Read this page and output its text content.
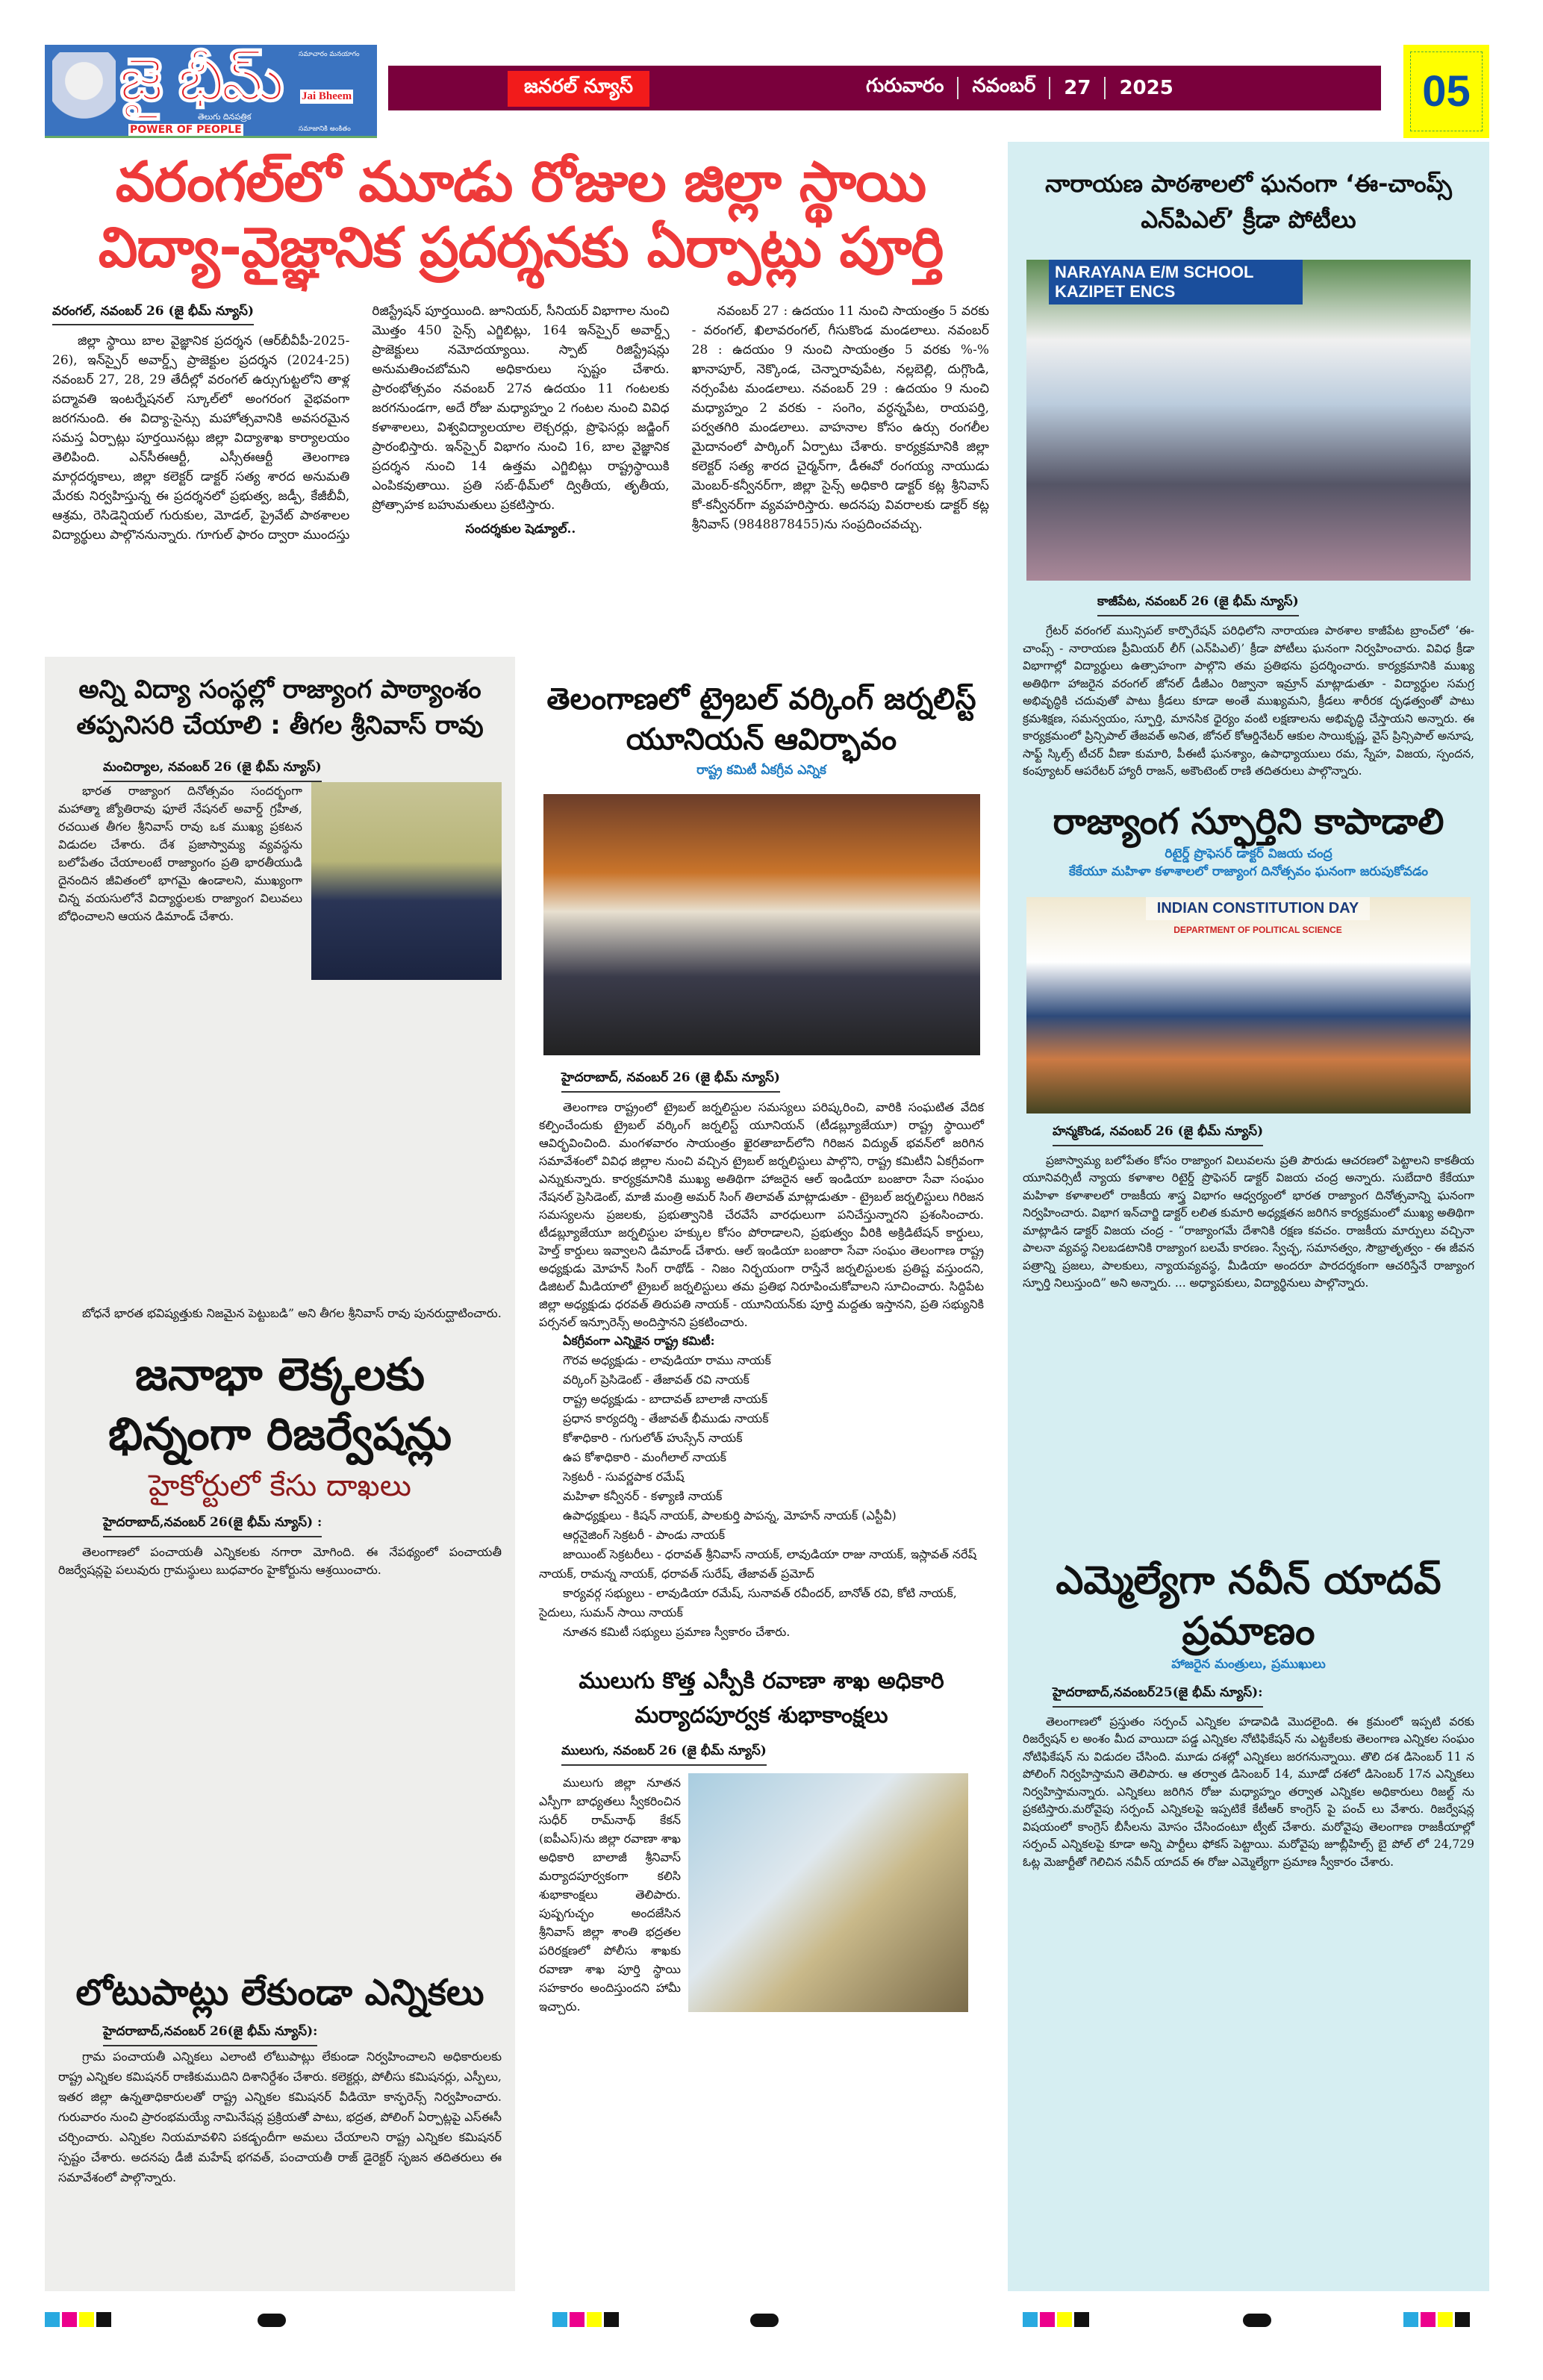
జై భీమ్
తెలుగు దినపత్రిక
POWER OF PEOPLE
సమాచారం మనయాగం
Jai Bheem
సమాజానికి అంకితం
జనరల్ న్యూస్	గురువారం నవంబర్ 27 2025	05
వరంగల్‌లో మూడు రోజుల జిల్లా స్థాయి విద్యా-వైజ్ఞానిక ప్రదర్శనకు ఏర్పాట్లు పూర్తి
వరంగల్, నవంబర్ 26 (జై భీమ్ న్యూస్)

జిల్లా స్థాయి బాల వైజ్ఞానిక ప్రదర్శన (ఆర్‌బీవీపీ-2025-26), ఇన్‌స్పైర్ అవార్డ్స్ ప్రాజెక్టుల ప్రదర్శన (2024-25) నవంబర్ 27, 28, 29 తేదీల్లో వరంగల్ ఉర్సుగుట్టలోని తాళ్ల పద్మావతి ఇంటర్నేషనల్ స్కూల్‌లో అంగరంగ వైభవంగా జరగనుంది. ఈ విద్యా-సైన్సు మహోత్సవానికి అవసరమైన సమస్త ఏర్పాట్లు పూర్తయినట్లు జిల్లా విద్యాశాఖ కార్యాలయం తెలిపింది. ఎన్‌సీఈఆర్టీ, ఎస్సీఈఆర్టీ తెలంగాణ మార్గదర్శకాలు, జిల్లా కలెక్టర్ డాక్టర్ సత్య శారద అనుమతి మేరకు నిర్వహిస్తున్న ఈ ప్రదర్శనలో ప్రభుత్వ, జడ్పీ, కేజీబీవీ, ఆశ్రమ, రెసిడెన్షియల్ గురుకుల, మోడల్, ప్రైవేట్ పాఠశాలల విద్యార్థులు పాల్గొననున్నారు. గూగుల్ ఫారం ద్వారా ముందస్తు రిజిస్ట్రేషన్ పూర్తయింది. జూనియర్, సీనియర్ విభాగాల నుంచి మొత్తం 450 సైన్స్ ఎగ్జిబిట్లు, 164 ఇన్‌స్పైర్ అవార్డ్స్ ప్రాజెక్టులు నమోదయ్యాయి. స్పాట్ రిజిస్ట్రేషన్లు అనుమతించబోమని అధికారులు స్పష్టం చేశారు. ప్రారంభోత్సవం నవంబర్ 27న ఉదయం 11 గంటలకు జరగనుండగా, అదే రోజు మధ్యాహ్నం 2 గంటల నుంచి వివిధ కళాశాలలు, విశ్వవిద్యాలయాల లెక్చరర్లు, ప్రొఫెసర్లు జడ్జింగ్ ప్రారంభిస్తారు. ఇన్‌స్పైర్ విభాగం నుంచి 16, బాల వైజ్ఞానిక ప్రదర్శన నుంచి 14 ఉత్తమ ఎగ్జిబిట్లు రాష్ట్రస్థాయికి ఎంపికవుతాయి. ప్రతి సబ్-థీమ్‌లో ద్వితీయ, తృతీయ, ప్రోత్సాహక బహుమతులు ప్రకటిస్తారు.

సందర్శకుల షెడ్యూల్..

నవంబర్ 27 : ఉదయం 11 నుంచి సాయంత్రం 5 వరకు - వరంగల్, ఖిలావరంగల్, గీసుకొండ మండలాలు. నవంబర్ 28 : ఉదయం 9 నుంచి సాయంత్రం 5 వరకు %-% ఖానాపూర్, నెక్కొండ, చెన్నారావుపేట, నల్లబెల్లి, దుగ్గొండి, నర్సంపేట మండలాలు. నవంబర్ 29 : ఉదయం 9 నుంచి మధ్యాహ్నం 2 వరకు - సంగెం, వర్ధన్నపేట, రాయపర్తి, పర్వతగిరి మండలాలు. వాహనాల కోసం ఉర్సు రంగలీల మైదానంలో పార్కింగ్ ఏర్పాటు చేశారు. కార్యక్రమానికి జిల్లా కలెక్టర్ సత్య శారద చైర్మన్‌గా, డీఈవో రంగయ్య నాయుడు మెంబర్-కన్వీనర్‌గా, జిల్లా సైన్స్ అధికారి డాక్టర్ కట్ల శ్రీనివాస్ కో-కన్వీనర్‌గా వ్యవహరిస్తారు. అదనపు వివరాలకు డాక్టర్ కట్ల శ్రీనివాస్ (9848878455)ను సంప్రదించవచ్చు.

అన్ని విద్యా సంస్థల్లో రాజ్యాంగ పాఠ్యాంశం తప్పనిసరి చేయాలి : తీగల శ్రీనివాస్ రావు
మంచిర్యాల, నవంబర్ 26 (జై భీమ్ న్యూస్)

భారత రాజ్యాంగ దినోత్సవం సందర్భంగా మహాత్మా జ్యోతిరావు ఫూలే నేషనల్ అవార్డ్ గ్రహీత, రచయిత తీగల శ్రీనివాస్ రావు ఒక ముఖ్య ప్రకటన విడుదల చేశారు. దేశ ప్రజాస్వామ్య వ్యవస్థను బలోపేతం చేయాలంటే రాజ్యాంగం ప్రతి భారతీయుడి దైనందిన జీవితంలో భాగమై ఉండాలని, ముఖ్యంగా చిన్న వయసులోనే విద్యార్థులకు రాజ్యాంగ విలువలు బోధించాలని ఆయన డిమాండ్ చేశారు.

బోధనే భారత భవిష్యత్తుకు నిజమైన పెట్టుబడి” అని తీగల శ్రీనివాస్ రావు పునరుద్ఘాటించారు.

జనాభా లెక్కలకు భిన్నంగా రిజర్వేషన్లు
హైకోర్టులో కేసు దాఖలు
హైదరాబాద్,నవంబర్ 26(జై భీమ్ న్యూస్) :

తెలంగాణలో పంచాయతీ ఎన్నికలకు నగారా మోగింది. ఈ నేపథ్యంలో పంచాయతీ రిజర్వేషన్లపై పలువురు గ్రామస్థులు బుధవారం హైకోర్టును ఆశ్రయించారు.

లోటుపాట్లు లేకుండా ఎన్నికలు
హైదరాబాద్,నవంబర్ 26(జై భీమ్ న్యూస్):

గ్రామ పంచాయతీ ఎన్నికలు ఎలాంటి లోటుపాట్లు లేకుండా నిర్వహించాలని అధికారులకు రాష్ట్ర ఎన్నికల కమిషనర్ రాణికుముదిని దిశానిర్దేశం చేశారు. కలెక్టర్లు, పోలీసు కమిషనర్లు, ఎస్పీలు, ఇతర జిల్లా ఉన్నతాధికారులతో రాష్ట్ర ఎన్నికల కమిషనర్ వీడియో కాన్ఫరెన్స్ నిర్వహించారు. గురువారం నుంచి ప్రారంభమయ్యే నామినేషన్ల ప్రక్రియతో పాటు, భద్రత, పోలింగ్ ఏర్పాట్లపై ఎస్ఈసీ చర్చించారు. ఎన్నికల నియమావళిని పకడ్బందీగా అమలు చేయాలని రాష్ట్ర ఎన్నికల కమిషనర్ స్పష్టం చేశారు. అదనపు డీజీ మహేష్ భగవత్, పంచాయతీ రాజ్ డైరెక్టర్ సృజన తదితరులు ఈ సమావేశంలో పాల్గొన్నారు.

తెలంగాణలో ట్రైబల్ వర్కింగ్ జర్నలిస్ట్ యూనియన్ ఆవిర్భావం
రాష్ట్ర కమిటీ ఏకగ్రీవ ఎన్నిక
హైదరాబాద్, నవంబర్ 26 (జై భీమ్ న్యూస్)

తెలంగాణ రాష్ట్రంలో ట్రైబల్ జర్నలిస్టుల సమస్యలు పరిష్కరించి, వారికి సంఘటిత వేదిక కల్పించేందుకు ట్రైబల్ వర్కింగ్ జర్నలిస్ట్ యూనియన్ (టీడబ్ల్యూజేయూ) రాష్ట్ర స్థాయిలో ఆవిర్భవించింది. మంగళవారం సాయంత్రం ఖైరతాబాద్‌లోని గిరిజన విద్యుత్ భవన్‌లో జరిగిన సమావేశంలో వివిధ జిల్లాల నుంచి వచ్చిన ట్రైబల్ జర్నలిస్టులు పాల్గొని, రాష్ట్ర కమిటీని ఏకగ్రీవంగా ఎన్నుకున్నారు. కార్యక్రమానికి ముఖ్య అతిథిగా హాజరైన ఆల్ ఇండియా బంజారా సేవా సంఘం నేషనల్ ప్రెసిడెంట్, మాజీ మంత్రి అమర్ సింగ్ తిలావత్ మాట్లాడుతూ - ట్రైబల్ జర్నలిస్టులు గిరిజన సమస్యలను ప్రజలకు, ప్రభుత్వానికి చేరవేసే వారధులుగా పనిచేస్తున్నారని ప్రశంసించారు. టీడబ్ల్యూజేయూ జర్నలిస్టుల హక్కుల కోసం పోరాడాలని, ప్రభుత్వం వీరికి అక్రిడిటేషన్ కార్డులు, హెల్త్ కార్డులు ఇవ్వాలని డిమాండ్ చేశారు. ఆల్ ఇండియా బంజారా సేవా సంఘం తెలంగాణ రాష్ట్ర అధ్యక్షుడు మోహన్ సింగ్ రాథోడ్ - నిజం నిర్భయంగా రాస్తేనే జర్నలిస్టులకు ప్రతిష్ట వస్తుందని, డిజిటల్ మీడియాలో ట్రైబల్ జర్నలిస్టులు తమ ప్రతిభ నిరూపించుకోవాలని సూచించారు. సిద్దిపేట జిల్లా అధ్యక్షుడు ధరవత్ తిరుపతి నాయక్ - యూనియన్‌కు పూర్తి మద్దతు ఇస్తానని, ప్రతి సభ్యునికి పర్సనల్ ఇన్సూరెన్స్ అందిస్తానని ప్రకటించారు.

ఏకగ్రీవంగా ఎన్నికైన రాష్ట్ర కమిటీ:
గౌరవ అధ్యక్షుడు - లావుడియా రాము నాయక్
వర్కింగ్ ప్రెసిడెంట్ - తేజావత్ రవి నాయక్
రాష్ట్ర అధ్యక్షుడు - బాదావత్ బాలాజీ నాయక్
ప్రధాన కార్యదర్శి - తేజావత్ భీముడు నాయక్
కోశాధికారి - గుగులోత్ హుస్సేన్ నాయక్
ఉప కోశాధికారి - మంగీలాల్ నాయక్
సెక్రటరీ - సువర్ణపాక రమేష్
మహిళా కన్వీనర్ - కళ్యాణి నాయక్
ఉపాధ్యక్షులు - కిషన్ నాయక్, పాలకుర్తి పాపన్న, మోహన్ నాయక్ (ఎస్టీవీ)
ఆర్గనైజింగ్ సెక్రటరీ - పాండు నాయక్
జాయింట్ సెక్రటరీలు - ధరావత్ శ్రీనివాస్ నాయక్, లావుడియా రాజు నాయక్, ఇస్లావత్ నరేష్ నాయక్, రామన్న నాయక్, ధరావత్ సురేష్, తేజావత్ ప్రమోద్
కార్యవర్గ సభ్యులు - లావుడియా రమేష్, సునావత్ రవీందర్, బానోత్ రవి, కోటి నాయక్, సైదులు, సుమన్ సాయి నాయక్
నూతన కమిటీ సభ్యులు ప్రమాణ స్వీకారం చేశారు.
ములుగు కొత్త ఎస్పీకి రవాణా శాఖ అధికారి మర్యాదపూర్వక శుభాకాంక్షలు
ములుగు, నవంబర్ 26 (జై భీమ్ న్యూస్)

ములుగు జిల్లా నూతన ఎస్పీగా బాధ్యతలు స్వీకరించిన సుధీర్ రామ్‌నాథ్ కేకన్ (ఐపీఎస్)ను జిల్లా రవాణా శాఖ అధికారి బాలాజీ శ్రీనివాస్ మర్యాదపూర్వకంగా కలిసి శుభాకాంక్షలు తెలిపారు. పుష్పగుచ్ఛం అందజేసిన శ్రీనివాస్ జిల్లా శాంతి భద్రతల పరిరక్షణలో పోలీసు శాఖకు రవాణా శాఖ పూర్తి స్థాయి సహకారం అందిస్తుందని హామీ ఇచ్చారు.

నారాయణ పాఠశాలలో ఘనంగా ‘ఈ-చాంప్స్ ఎన్‌పిఎల్’ క్రీడా పోటీలు
NARAYANA E/M SCHOOL KAZIPET ENCS
కాజీపేట, నవంబర్ 26 (జై భీమ్ న్యూస్)

గ్రేటర్ వరంగల్ మున్సిపల్ కార్పొరేషన్ పరిధిలోని నారాయణ పాఠశాల కాజీపేట బ్రాంచ్‌లో ‘ఈ-చాంప్స్ - నారాయణ ప్రీమియర్ లీగ్ (ఎన్‌పిఎల్)’ క్రీడా పోటీలు ఘనంగా నిర్వహించారు. వివిధ క్రీడా విభాగాల్లో విద్యార్థులు ఉత్సాహంగా పాల్గొని తమ ప్రతిభను ప్రదర్శించారు. కార్యక్రమానికి ముఖ్య అతిథిగా హాజరైన వరంగల్ జోనల్ డీజీఎం రిజ్వానా ఇమ్రాన్ మాట్లాడుతూ - విద్యార్థుల సమగ్ర అభివృద్ధికి చదువుతో పాటు క్రీడలు కూడా అంతే ముఖ్యమని, క్రీడలు శారీరక దృఢత్వంతో పాటు క్రమశిక్షణ, సమన్వయం, స్ఫూర్తి, మానసిక ధైర్యం వంటి లక్షణాలను అభివృద్ధి చేస్తాయని అన్నారు. ఈ కార్యక్రమంలో ప్రిన్సిపాల్ తేజవత్ అనిత, జోనల్ కోఆర్డినేటర్ ఆకుల సాయికృష్ణ, వైస్ ప్రిన్సిపాల్ అనూష, సాఫ్ట్ స్కిల్స్ టీచర్ వీణా కుమారి, పీఈటీ ఘనశ్యాం, ఉపాధ్యాయులు రమ, స్నేహ, విజయ, స్పందన, కంప్యూటర్ ఆపరేటర్ హ్యారీ రాజన్, అకౌంటెంట్ రాణి తదితరులు పాల్గొన్నారు.

రాజ్యాంగ స్ఫూర్తిని కాపాడాలి
రిటైర్డ్ ప్రొఫెసర్ డాక్టర్ విజయ చంద్ర
కేకేయూ మహిళా కళాశాలలో రాజ్యాంగ దినోత్సవం ఘనంగా జరుపుకోవడం
INDIAN CONSTITUTION DAY
DEPARTMENT OF POLITICAL SCIENCE
హన్మకొండ, నవంబర్ 26 (జై భీమ్ న్యూస్)

ప్రజాస్వామ్య బలోపేతం కోసం రాజ్యాంగ విలువలను ప్రతి పౌరుడు ఆచరణలో పెట్టాలని కాకతీయ యూనివర్సిటీ న్యాయ కళాశాల రిటైర్డ్ ప్రొఫెసర్ డాక్టర్ విజయ చంద్ర అన్నారు. సుబేదారి కేకేయూ మహిళా కళాశాలలో రాజకీయ శాస్త్ర విభాగం ఆధ్వర్యంలో భారత రాజ్యాంగ దినోత్సవాన్ని ఘనంగా నిర్వహించారు. విభాగ ఇన్‌చార్జి డాక్టర్ లలిత కుమారి అధ్యక్షతన జరిగిన కార్యక్రమంలో ముఖ్య అతిథిగా మాట్లాడిన డాక్టర్ విజయ చంద్ర - “రాజ్యాంగమే దేశానికి రక్షణ కవచం. రాజకీయ మార్పులు వచ్చినా పాలనా వ్యవస్థ నిలబడటానికి రాజ్యాంగ బలమే కారణం. స్వేచ్ఛ, సమానత్వం, సౌభ్రాతృత్వం - ఈ జీవన పత్రాన్ని ప్రజలు, పాలకులు, న్యాయవ్యవస్థ, మీడియా అందరూ పారదర్శకంగా ఆచరిస్తేనే రాజ్యాంగ స్ఫూర్తి నిలుస్తుంది” అని అన్నారు. ... అధ్యాపకులు, విద్యార్థినులు పాల్గొన్నారు.

ఎమ్మెల్యేగా నవీన్ యాదవ్ ప్రమాణం
హాజరైన మంత్రులు, ప్రముఖులు
హైదరాబాద్,నవంబర్25(జై భీమ్ న్యూస్):

తెలంగాణలో ప్రస్తుతం సర్పంచ్ ఎన్నికల హడావిడి మొదలైంది. ఈ క్రమంలో ఇప్పటి వరకు రిజర్వేషన్ ల అంశం మీద వాయిదా పడ్డ ఎన్నికల నోటిఫికేషన్ ను ఎట్టకేలకు తెలంగాణ ఎన్నికల సంఘం నోటిఫికేషన్ ను విడుదల చేసింది. మూడు దశల్లో ఎన్నికలు జరగనున్నాయి. తొలి దశ డిసెంబర్ 11 న పోలింగ్ నిర్వహిస్తామని తెలిపారు. ఆ తర్వాత డిసెంబర్ 14, మూడో దశలో డిసెంబర్ 17న ఎన్నికలు నిర్వహిస్తామన్నారు. ఎన్నికలు జరిగిన రోజు మధ్యాహ్నం తర్వాత ఎన్నికల అధికారులు రిజల్ట్ ను ప్రకటిస్తారు.మరోవైపు సర్పంచ్ ఎన్నికలపై ఇప్పటికే కేటీఆర్ కాంగ్రెస్ పై పంచ్ లు వేశారు. రిజర్వేషన్ల విషయంలో కాంగ్రెస్ బీసీలను మోసం చేసిందంటూ ట్వీట్ చేశారు. మరోవైపు తెలంగాణ రాజకీయాల్లో సర్పంచ్ ఎన్నికలపై కూడా అన్ని పార్టీలు ఫోకస్ పెట్టాయి. మరోవైపు జూబ్లీహిల్స్ బై పోల్ లో 24,729 ఓట్ల మెజార్టీతో గెలిచిన నవీన్ యాదవ్ ఈ రోజు ఎమ్మెల్యేగా ప్రమాణ స్వీకారం చేశారు.
